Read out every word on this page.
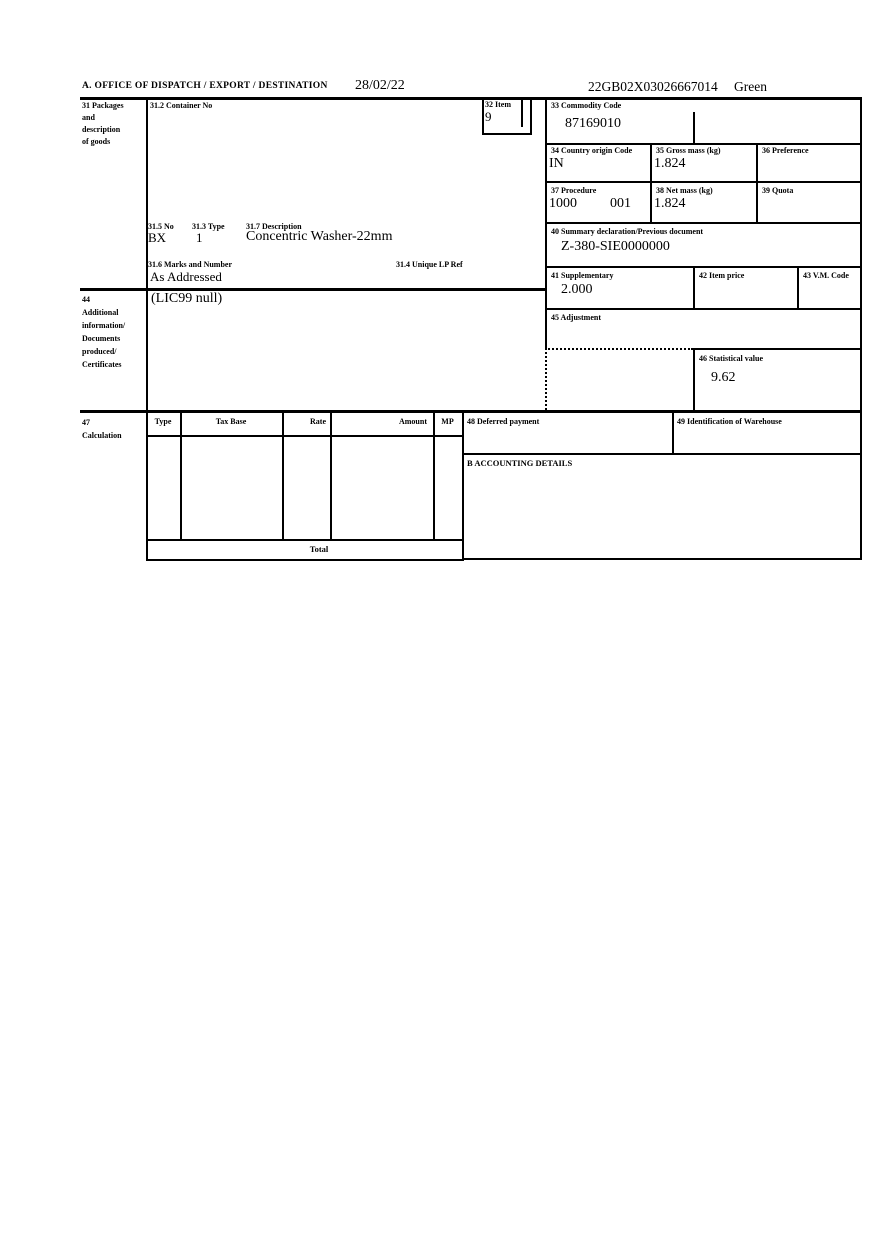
A. OFFICE OF DISPATCH / EXPORT / DESTINATION 28/02/22	22GB02X03026667014 Green
31 Packages
and
description
of goods
31.2 Container No	32 Item
9
33 Commodity Code
87169010
34 Country origin Code
IN
35 Gross mass (kg)
1.824
36 Preference
37 Procedure
1000 001
38 Net mass (kg)
1.824
39 Quota
40 Summary declaration/Previous document
Z-380-SIE0000000
41 Supplementary
2.000
42 Item price	43 V.M. Code
31.5 No 31.3 Type	31.7 Description
BX 1	Concentric Washer-22mm
31.6 Marks and Number	31.4 Unique LP Ref
As Addressed
44
Additional
information/
Documents
produced/
Certificates
(LIC99 null)
45 Adjustment
46 Statistical value
9.62
47
Calculation
Type	Tax Base	Rate	Amount	MP
Total
48 Deferred payment	49 Identification of Warehouse
B ACCOUNTING DETAILS
